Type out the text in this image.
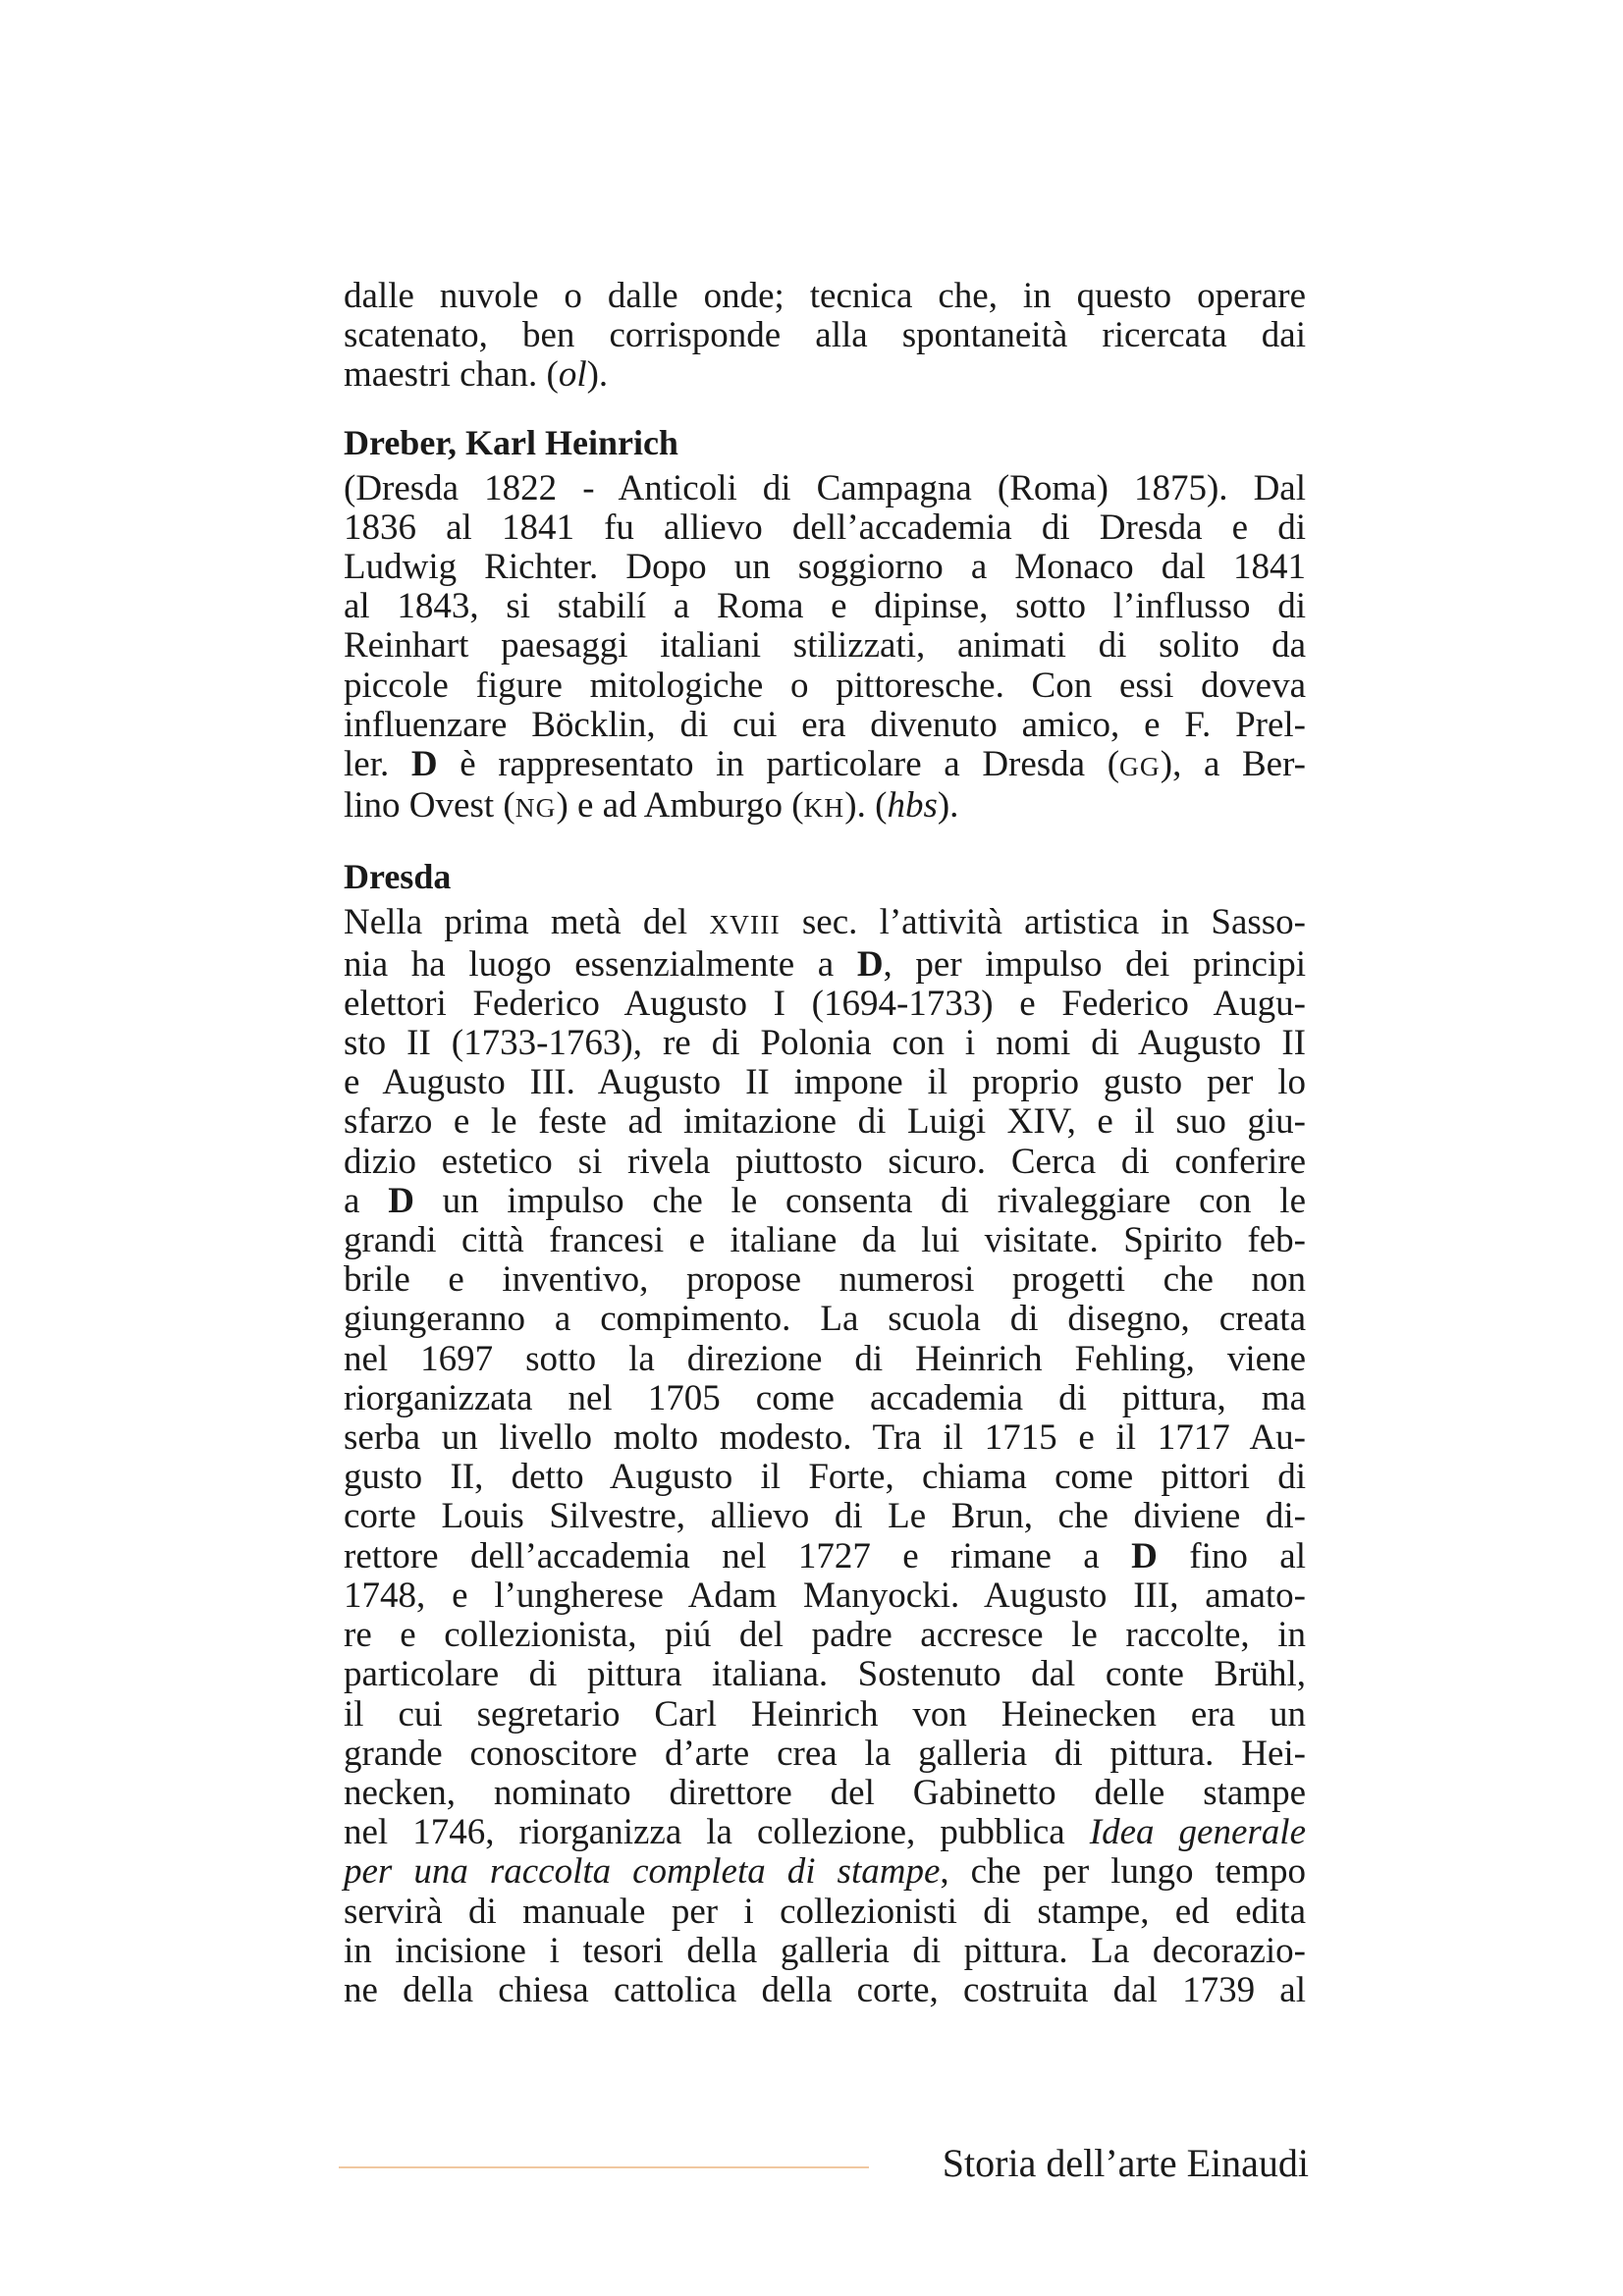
dalle nuvole o dalle onde; tecnica che, in questo operare
scatenato, ben corrisponde alla spontaneità ricercata dai
maestri chan. (ol).
Dreber, Karl Heinrich
(Dresda 1822 - Anticoli di Campagna (Roma) 1875). Dal
1836 al 1841 fu allievo dell’accademia di Dresda e di
Ludwig Richter. Dopo un soggiorno a Monaco dal 1841
al 1843, si stabilí a Roma e dipinse, sotto l’influsso di
Reinhart paesaggi italiani stilizzati, animati di solito da
piccole figure mitologiche o pittoresche. Con essi doveva
influenzare Böcklin, di cui era divenuto amico, e F. Prel-
ler. D è rappresentato in particolare a Dresda (GG), a Ber-
lino Ovest (NG) e ad Amburgo (KH). (hbs).
Dresda
Nella prima metà del XVIII sec. l’attività artistica in Sasso-
nia ha luogo essenzialmente a D, per impulso dei principi
elettori Federico Augusto I (1694-1733) e Federico Augu-
sto II (1733-1763), re di Polonia con i nomi di Augusto II
e Augusto III. Augusto II impone il proprio gusto per lo
sfarzo e le feste ad imitazione di Luigi XIV, e il suo giu-
dizio estetico si rivela piuttosto sicuro. Cerca di conferire
a D un impulso che le consenta di rivaleggiare con le
grandi città francesi e italiane da lui visitate. Spirito feb-
brile e inventivo, propose numerosi progetti che non
giungeranno a compimento. La scuola di disegno, creata
nel 1697 sotto la direzione di Heinrich Fehling, viene
riorganizzata nel 1705 come accademia di pittura, ma
serba un livello molto modesto. Tra il 1715 e il 1717 Au-
gusto II, detto Augusto il Forte, chiama come pittori di
corte Louis Silvestre, allievo di Le Brun, che diviene di-
rettore dell’accademia nel 1727 e rimane a D fino al
1748, e l’ungherese Adam Manyocki. Augusto III, amato-
re e collezionista, piú del padre accresce le raccolte, in
particolare di pittura italiana. Sostenuto dal conte Brühl,
il cui segretario Carl Heinrich von Heinecken era un
grande conoscitore d’arte crea la galleria di pittura. Hei-
necken, nominato direttore del Gabinetto delle stampe
nel 1746, riorganizza la collezione, pubblica Idea generale
per una raccolta completa di stampe, che per lungo tempo
servirà di manuale per i collezionisti di stampe, ed edita
in incisione i tesori della galleria di pittura. La decorazio-
ne della chiesa cattolica della corte, costruita dal 1739 al
Storia dell’arte Einaudi
